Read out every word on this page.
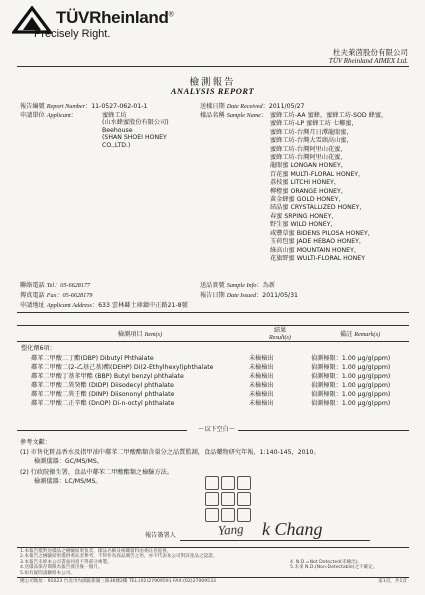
TÜVRheinland®
Precisely Right.
杜夫萊茵股份有限公司
TÜV Rheinland AIMEX Ltd.
檢測報告
ANALYSIS REPORT
報告編號 Report Number：11-0527-062-01-1
申請單位 Applicant：	蜜蜂工坊
(山水蜂蜜股份有限公司)
Beehouse
(SHAN SHOEI HONEY
CO.,LTD.)
聯絡電話 Tel：05-6628177
傳真電話 Fax：05-6628179
申請地址 Applicant Address：633 雲林縣土庫鎮中正路21-8號
送樣日期 Date Received：2011/05/27
樣品名稱 Sample Name： 蜜蜂工坊-AA 蜜蜂，蜜蜂工坊-SOD 蜂蜜，
蜜蜂工坊-LP 蜜蜂工坊 七椰蜜，
蜜蜂工坊-台灣月日潭龍眼蜜，
蜜蜂工坊-台灣大雪頭高山蜜，
蜜蜂工坊-台灣阿里山花蜜，
蜜蜂工坊-台灣阿里山花蜜，
龍眼蜜 LONGAN HONEY，
百花蜜 MULTI-FLORAL HONEY，
荔枝蜜 LITCHI HONEY，
柳橙蜜 ORANGE HONEY，
黃金蜂蜜 GOLD HONEY，
結晶蜜 CRYSTALLIZED HONEY，
春蜜 SRPING HONEY，
野生蜜 WILD HONEY，
咸豐草蜜 BIDENS PILOSA HONEY，
玉荷包蜜 JADE HEBAO HONEY，
綠高山蜜 MOUNTAIN HONEY，
花旗野蜜 WULTI-FLORAL HONEY
送品實號 Sample Info：為新
報告日期 Date Issued：2011/05/31
檢測項目 Item(s)	結果
Result(s)	備註 Remark(s)
塑化劑6項：		
鄰苯二甲酸二丁酯(DBP) Dibutyl Phthalate	未檢檢出	偵測極限：1.00 μg/g(ppm)
鄰苯二甲酸二(2-乙基己基)酯(DEHP) Di(2-Ethylhexyl)phthalate	未檢檢出	偵測極限：1.00 μg/g(ppm)
鄰苯二甲酸丁基苯甲酯 (BBP) Butyl benzyl phthalate	未檢檢出	偵測極限：1.00 μg/g(ppm)
鄰苯二甲酸二異癸酯 (DIDP) Diisodecyl phthalate	未檢檢出	偵測極限：1.00 μg/g(ppm)
鄰苯二甲酸二異壬酯 (DINP) Diisononyl phthalate	未檢檢出	偵測極限：1.00 μg/g(ppm)
鄰苯二甲酸二正辛酯 (DnOP) Di-n-octyl phthalate	未檢檢出	偵測極限：1.00 μg/g(ppm)
～以下空白～
參考文獻：
(1) 市售化粧品香水及指甲油中鄰苯二甲酸酯類含量分之品質監測，食品藥物研究年報，1:140-145，2010。
檢測儀器：GC/MS/MS。
(2) 行政院衛生署，食品中鄰苯二甲酸酯類之檢驗方法。
檢測儀器：LC/MS/MS。
報告簽署人	Yang k Chang
1.本報告僅對送樣品之檢驗結果負責，樣品名稱及相關資料由委託者提供。
2.本報告之檢驗結果僅供委託者參考，不得作為商品廣告之用，亦不代表本公司對該產品之認證。
3.本報告未經本公司書面同意不得部分複製。
4.送樣品保存期限為報告發出後一個月。
5.如有疑問請聯絡本公司。
4. N.D.=Not Detected(未檢出)。
5.未來 N.D.(Non-Detectable)之不確定。
總公司地址：91023 台北市內湖區新湖三路36號2樓 TEL:(02)27909591 FAX:(02)27909533	第1頁，共1頁
